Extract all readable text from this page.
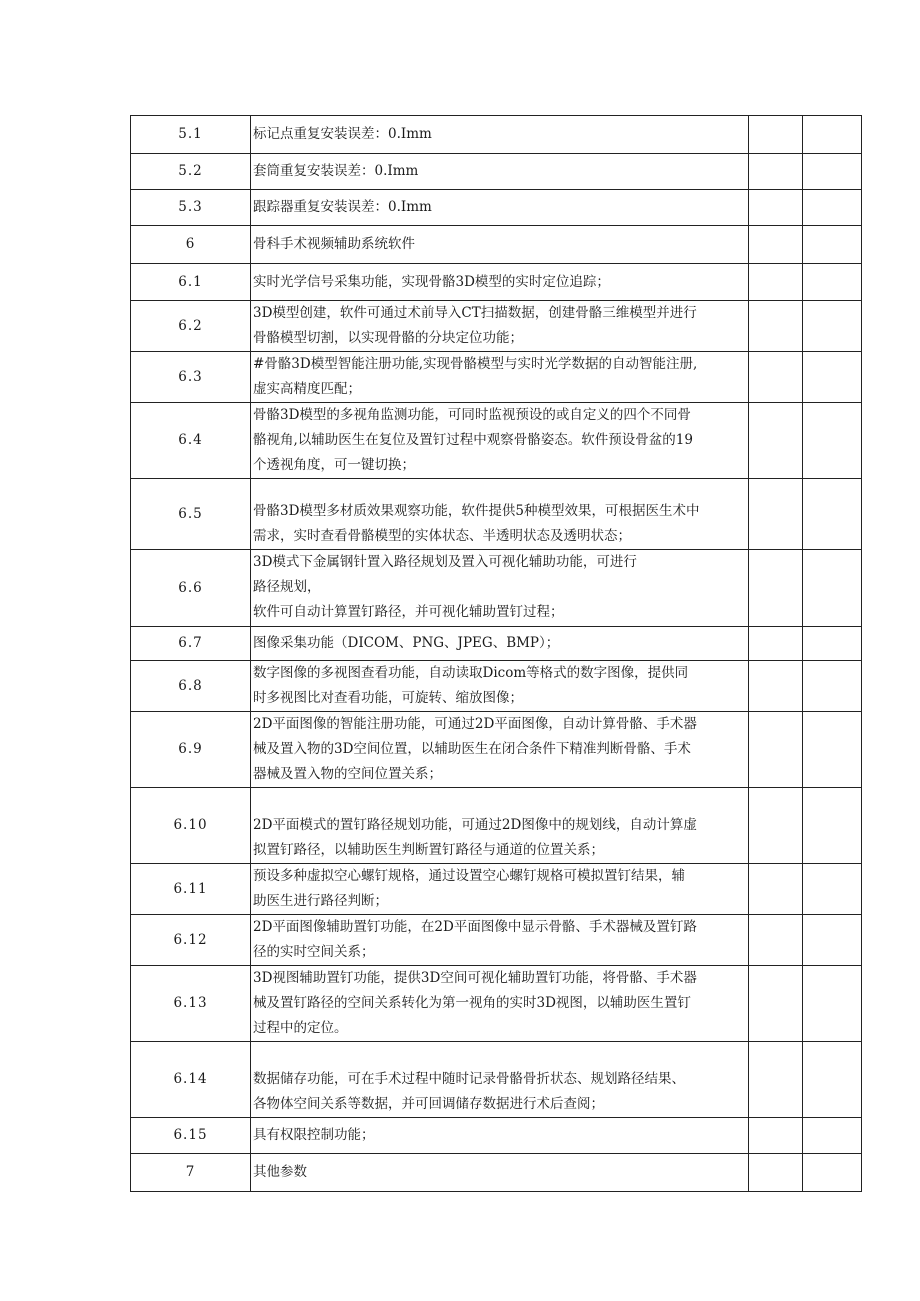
5.1	标记点重复安装误差：0.Imm		

5.2	套筒重复安装误差：0.Imm		

5.3	跟踪器重复安装误差：0.Imm		

6	骨科手术视频辅助系统软件		

6.1	实时光学信号采集功能，实现骨骼3D模型的实时定位追踪；		

6.2	3D模型创建，软件可通过术前导入CT扫描数据，创建骨骼三维模型并进行
骨骼模型切割，以实现骨骼的分块定位功能；		

6.3	#骨骼3D模型智能注册功能,实现骨骼模型与实时光学数据的自动智能注册,
虚实高精度匹配；		

6.4	骨骼3D模型的多视角监测功能，可同时监视预设的或自定义的四个不同骨
骼视角,以辅助医生在复位及置钉过程中观察骨骼姿态。软件预设骨盆的19
个透视角度，可一键切换；		

6.5	骨骼3D模型多材质效果观察功能，软件提供5种模型效果，可根据医生术中
需求，实时查看骨骼模型的实体状态、半透明状态及透明状态；		

6.6	3D模式下金属钢针置入路径规划及置入可视化辅助功能，可进行
路径规划，
软件可自动计算置钉路径，并可视化辅助置钉过程；		

6.7	图像采集功能（DICOM、PNG、JPEG、BMP）；		

6.8	数字图像的多视图查看功能，自动读取Dicom等格式的数字图像，提供同
时多视图比对查看功能，可旋转、缩放图像；		

6.9	2D平面图像的智能注册功能，可通过2D平面图像，自动计算骨骼、手术器
械及置入物的3D空间位置，以辅助医生在闭合条件下精准判断骨骼、手术
器械及置入物的空间位置关系；		

6.10	2D平面模式的置钉路径规划功能，可通过2D图像中的规划线，自动计算虚
拟置钉路径，以辅助医生判断置钉路径与通道的位置关系；		

6.11	预设多种虚拟空心螺钉规格，通过设置空心螺钉规格可模拟置钉结果，辅
助医生进行路径判断；		

6.12	2D平面图像辅助置钉功能，在2D平面图像中显示骨骼、手术器械及置钉路
径的实时空间关系；		

6.13	3D视图辅助置钉功能，提供3D空间可视化辅助置钉功能，将骨骼、手术器
械及置钉路径的空间关系转化为第一视角的实时3D视图，以辅助医生置钉
过程中的定位。		

6.14	数据储存功能，可在手术过程中随时记录骨骼骨折状态、规划路径结果、
各物体空间关系等数据，并可回调储存数据进行术后查阅；		

6.15	具有权限控制功能；		

7	其他参数		
